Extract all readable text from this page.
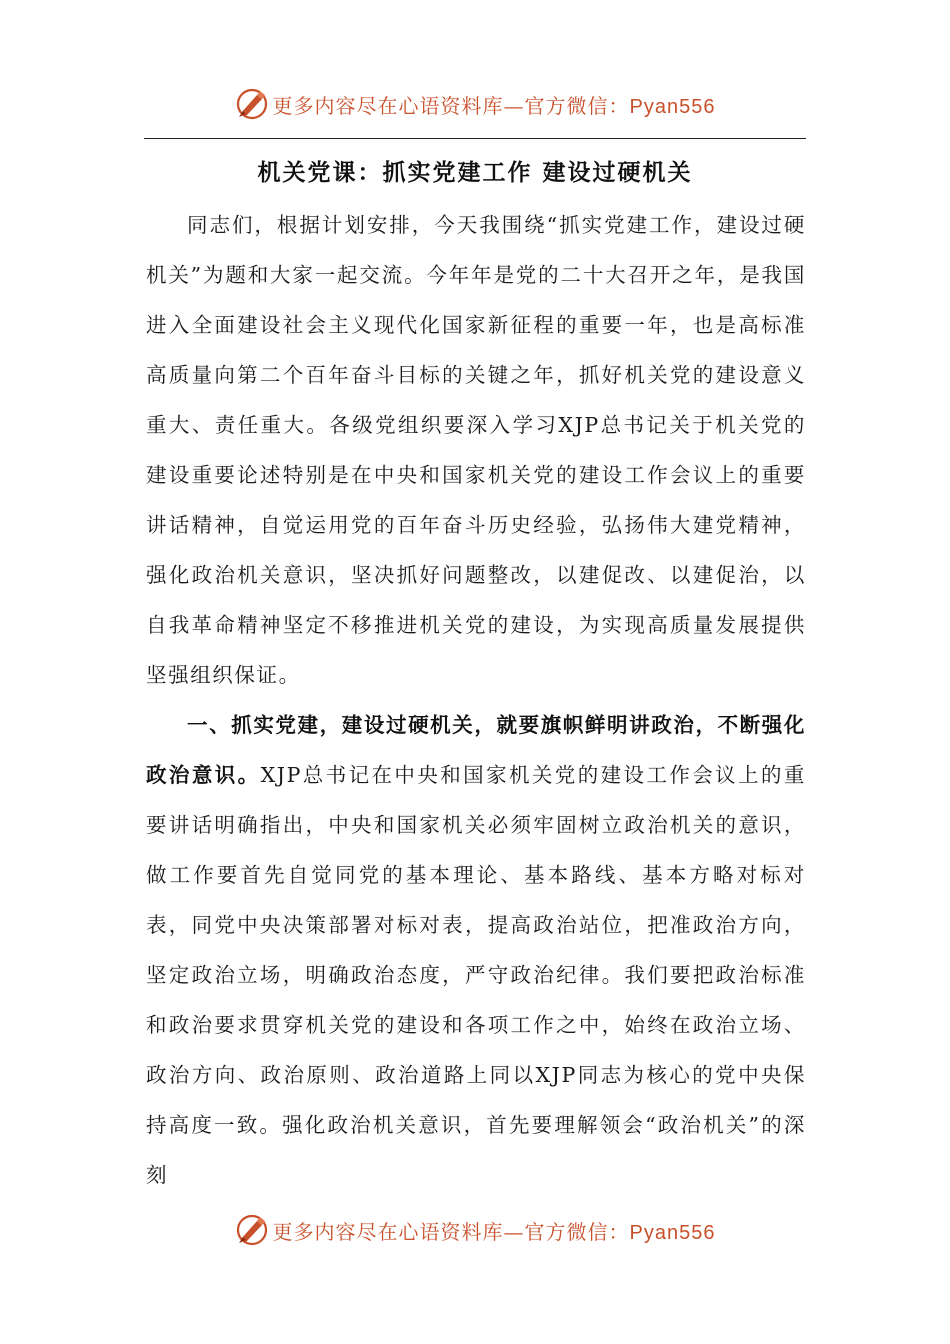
更多内容尽在心语资料库—官方微信：Pyan556
机关党课：抓实党建工作 建设过硬机关

同志们，根据计划安排，今天我围绕“抓实党建工作，建设过硬机关”为题和大家一起交流。今年年是党的二十大召开之年，是我国进入全面建设社会主义现代化国家新征程的重要一年，也是高标准高质量向第二个百年奋斗目标的关键之年，抓好机关党的建设意义重大、责任重大。各级党组织要深入学习XJP总书记关于机关党的建设重要论述特别是在中央和国家机关党的建设工作会议上的重要讲话精神，自觉运用党的百年奋斗历史经验，弘扬伟大建党精神，强化政治机关意识，坚决抓好问题整改，以建促改、以建促治，以自我革命精神坚定不移推进机关党的建设，为实现高质量发展提供坚强组织保证。

一、抓实党建，建设过硬机关，就要旗帜鲜明讲政治，不断强化政治意识。XJP总书记在中央和国家机关党的建设工作会议上的重要讲话明确指出，中央和国家机关必须牢固树立政治机关的意识，做工作要首先自觉同党的基本理论、基本路线、基本方略对标对表，同党中央决策部署对标对表，提高政治站位，把准政治方向，坚定政治立场，明确政治态度，严守政治纪律。我们要把政治标准和政治要求贯穿机关党的建设和各项工作之中，始终在政治立场、政治方向、政治原则、政治道路上同以XJP同志为核心的党中央保持高度一致。强化政治机关意识，首先要理解领会“政治机关”的深刻

更多内容尽在心语资料库—官方微信：Pyan556
